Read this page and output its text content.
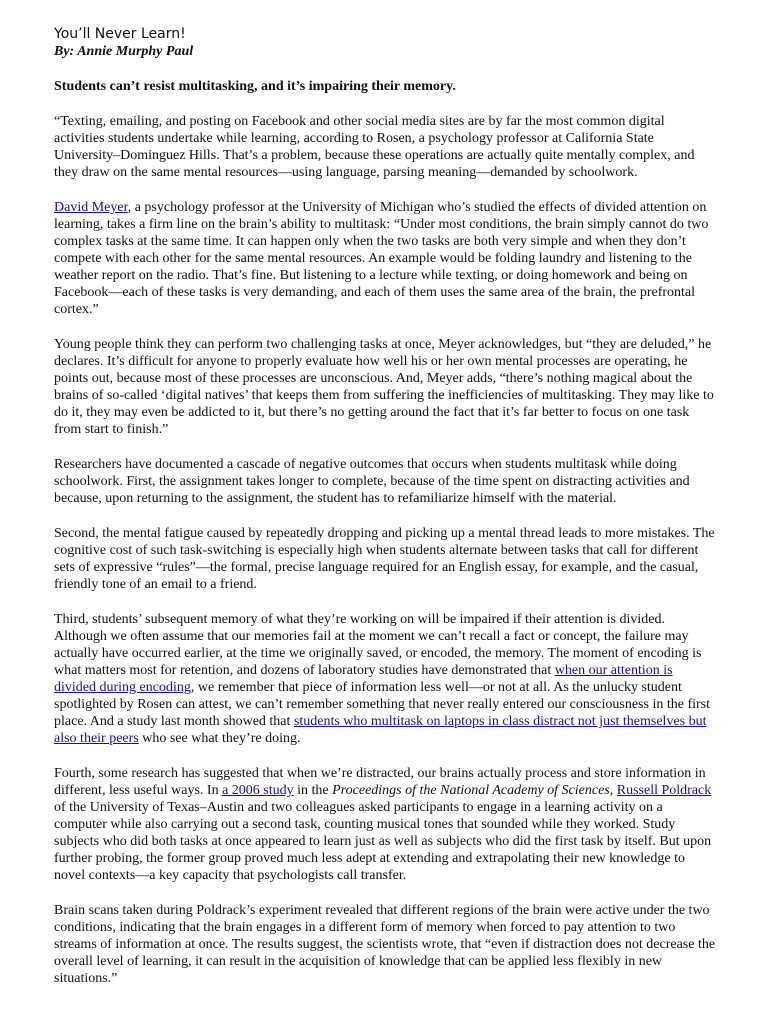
You’ll Never Learn!
By: Annie Murphy Paul
Students can’t resist multitasking, and it’s impairing their memory.

“Texting, emailing, and posting on Facebook and other social media sites are by far the most common digital activities students undertake while learning, according to Rosen, a psychology professor at California State University–Dominguez Hills. That’s a problem, because these operations are actually quite mentally complex, and they draw on the same mental resources—using language, parsing meaning—demanded by schoolwork.

David Meyer, a psychology professor at the University of Michigan who’s studied the effects of divided attention on learning, takes a firm line on the brain’s ability to multitask: “Under most conditions, the brain simply cannot do two complex tasks at the same time. It can happen only when the two tasks are both very simple and when they don’t compete with each other for the same mental resources. An example would be folding laundry and listening to the weather report on the radio. That’s fine. But listening to a lecture while texting, or doing homework and being on Facebook—each of these tasks is very demanding, and each of them uses the same area of the brain, the prefrontal cortex.”

Young people think they can perform two challenging tasks at once, Meyer acknowledges, but “they are deluded,” he declares. It’s difficult for anyone to properly evaluate how well his or her own mental processes are operating, he points out, because most of these processes are unconscious. And, Meyer adds, “there’s nothing magical about the brains of so-called ‘digital natives’ that keeps them from suffering the inefficiencies of multitasking. They may like to do it, they may even be addicted to it, but there’s no getting around the fact that it’s far better to focus on one task from start to finish.”

Researchers have documented a cascade of negative outcomes that occurs when students multitask while doing schoolwork. First, the assignment takes longer to complete, because of the time spent on distracting activities and because, upon returning to the assignment, the student has to refamiliarize himself with the material.

Second, the mental fatigue caused by repeatedly dropping and picking up a mental thread leads to more mistakes. The cognitive cost of such task-switching is especially high when students alternate between tasks that call for different sets of expressive “rules”—the formal, precise language required for an English essay, for example, and the casual, friendly tone of an email to a friend.

Third, students’ subsequent memory of what they’re working on will be impaired if their attention is divided. Although we often assume that our memories fail at the moment we can’t recall a fact or concept, the failure may actually have occurred earlier, at the time we originally saved, or encoded, the memory. The moment of encoding is what matters most for retention, and dozens of laboratory studies have demonstrated that when our attention is divided during encoding, we remember that piece of information less well—or not at all. As the unlucky student spotlighted by Rosen can attest, we can’t remember something that never really entered our consciousness in the first place. And a study last month showed that students who multitask on laptops in class distract not just themselves but also their peers who see what they’re doing.

Fourth, some research has suggested that when we’re distracted, our brains actually process and store information in different, less useful ways. In a 2006 study in the Proceedings of the National Academy of Sciences, Russell Poldrack of the University of Texas–Austin and two colleagues asked participants to engage in a learning activity on a computer while also carrying out a second task, counting musical tones that sounded while they worked. Study subjects who did both tasks at once appeared to learn just as well as subjects who did the first task by itself. But upon further probing, the former group proved much less adept at extending and extrapolating their new knowledge to novel contexts—a key capacity that psychologists call transfer.

Brain scans taken during Poldrack’s experiment revealed that different regions of the brain were active under the two conditions, indicating that the brain engages in a different form of memory when forced to pay attention to two streams of information at once. The results suggest, the scientists wrote, that “even if distraction does not decrease the overall level of learning, it can result in the acquisition of knowledge that can be applied less flexibly in new situations.”
